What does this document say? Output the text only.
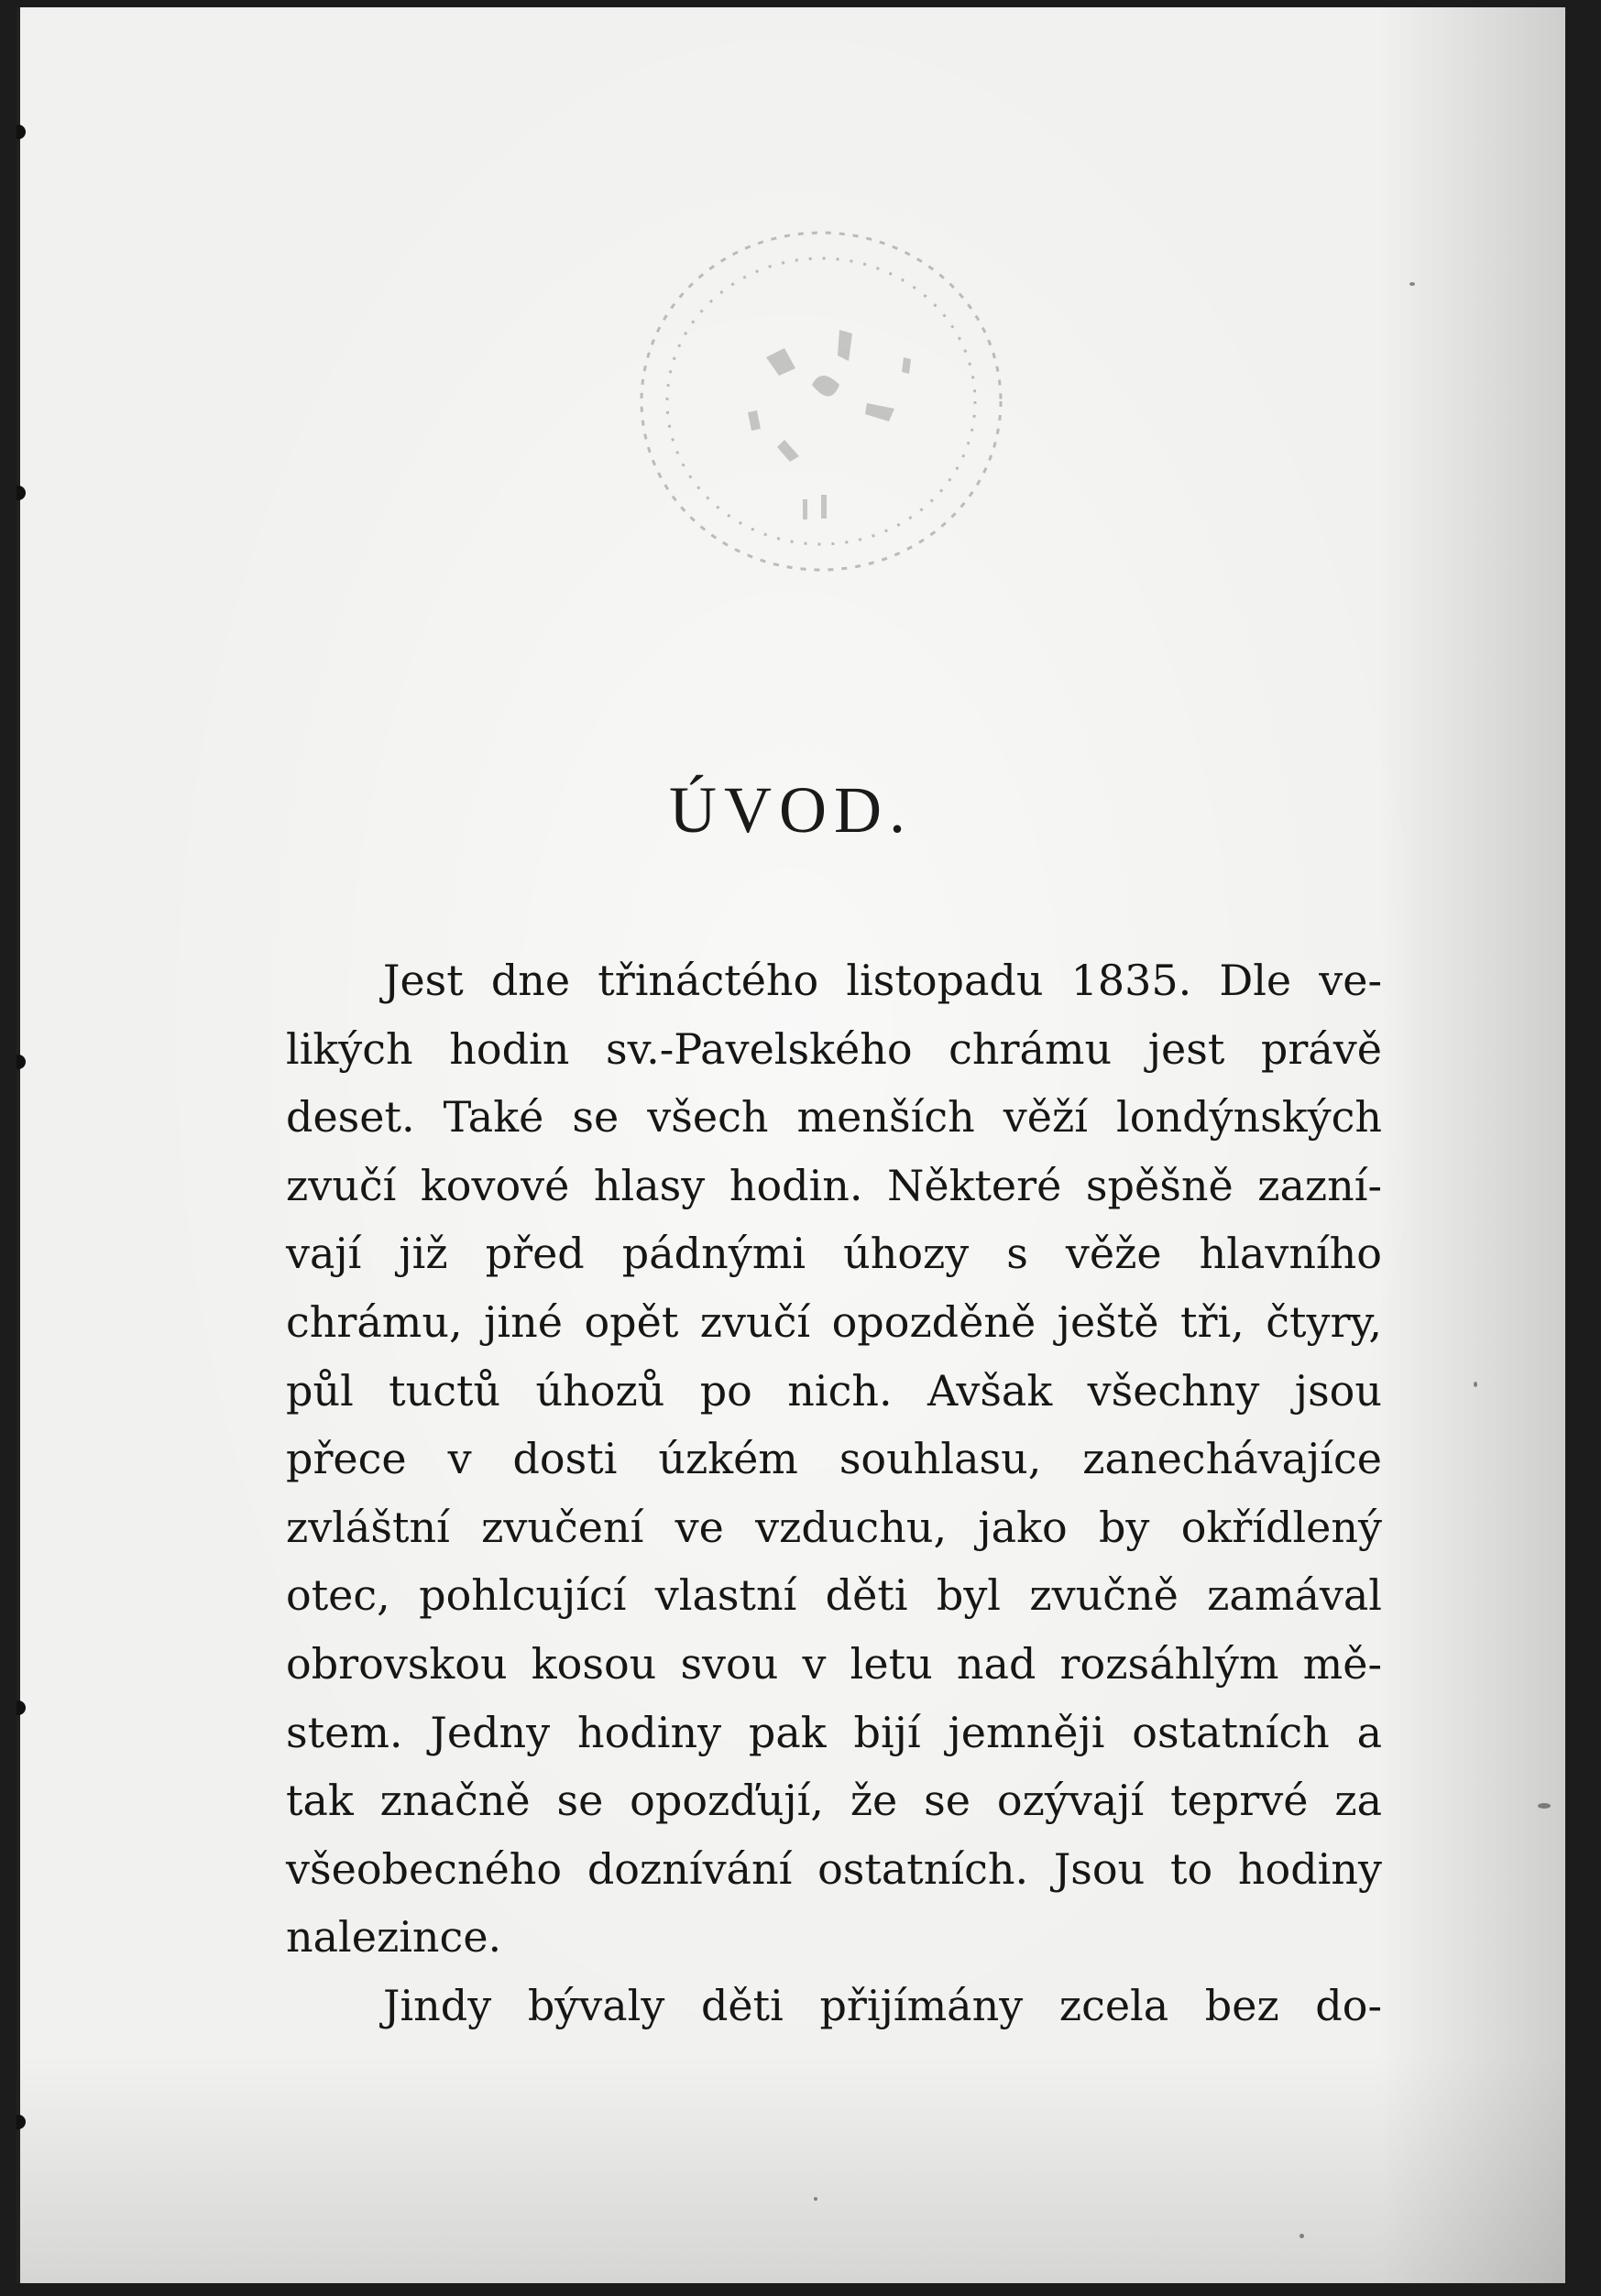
ÚVOD.

Jest dne třináctého listopadu 1835. Dle ve-
likých hodin sv.-Pavelského chrámu jest právě
deset. Také se všech menších věží londýnských
zvučí kovové hlasy hodin. Některé spěšně zazní-
vají již před pádnými úhozy s věže hlavního
chrámu, jiné opět zvučí opozděně ještě tři, čtyry,
půl tuctů úhozů po nich. Avšak všechny jsou
přece v dosti úzkém souhlasu, zanechávajíce
zvláštní zvučení ve vzduchu, jako by okřídlený
otec, pohlcující vlastní děti byl zvučně zamával
obrovskou kosou svou v letu nad rozsáhlým mě-
stem. Jedny hodiny pak bijí jemněji ostatních a
tak značně se opozďují, že se ozývají teprvé za
všeobecného doznívání ostatních. Jsou to hodiny
nalezince.

Jindy bývaly děti přijímány zcela bez do-
